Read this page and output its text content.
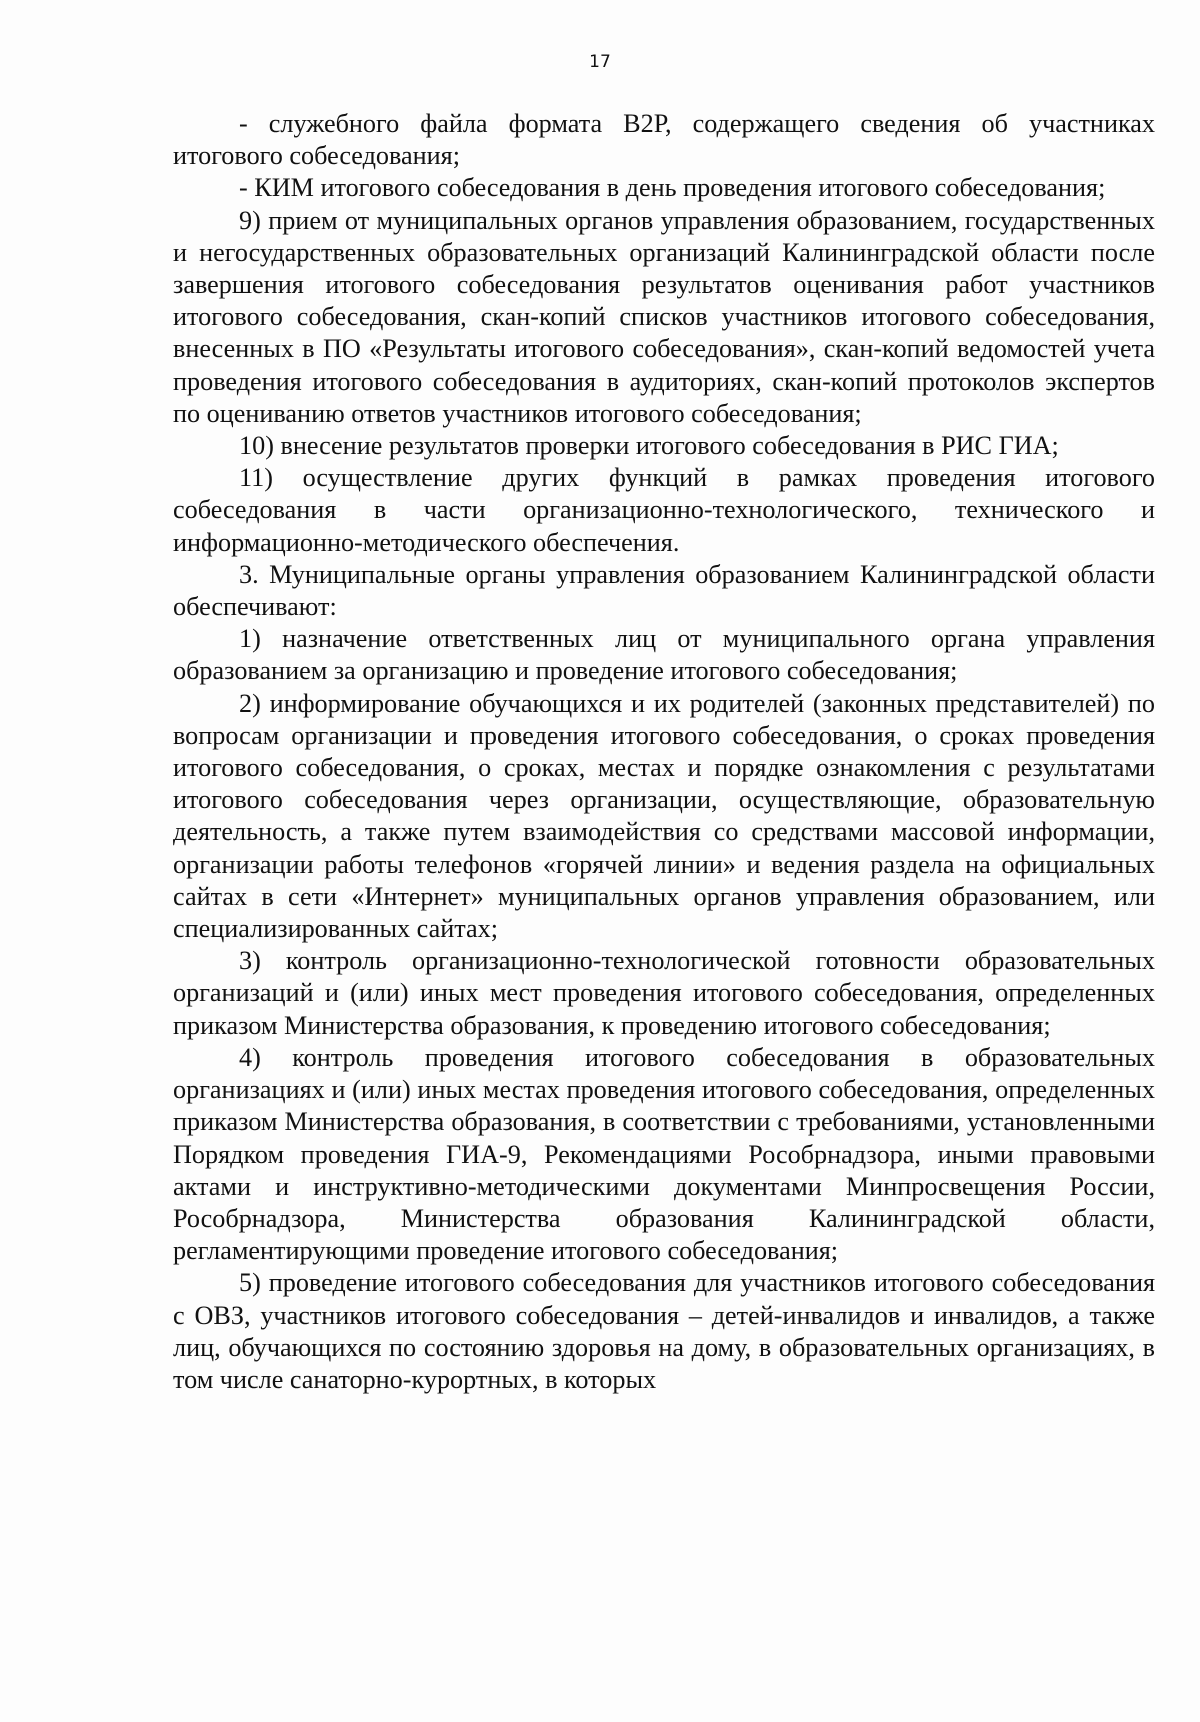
17

- служебного файла формата В2Р, содержащего сведения об участниках итогового собеседования;

- КИМ итогового собеседования в день проведения итогового собеседования;

9) прием от муниципальных органов управления образованием, государственных и негосударственных образовательных организаций Калининградской области после завершения итогового собеседования результатов оценивания работ участников итогового собеседования, скан-копий списков участников итогового собеседования, внесенных в ПО «Результаты итогового собеседования», скан-копий ведомостей учета проведения итогового собеседования в аудиториях, скан-копий протоколов экспертов по оцениванию ответов участников итогового собеседования;

10) внесение результатов проверки итогового собеседования в РИС ГИА;

11) осуществление других функций в рамках проведения итогового собеседования в части организационно-технологического, технического и информационно-методического обеспечения.

3. Муниципальные органы управления образованием Калининградской области обеспечивают:

1) назначение ответственных лиц от муниципального органа управления образованием за организацию и проведение итогового собеседования;

2) информирование обучающихся и их родителей (законных представителей) по вопросам организации и проведения итогового собеседования, о сроках проведения итогового собеседования, о сроках, местах и порядке ознакомления с результатами итогового собеседования через организации, осуществляющие, образовательную деятельность, а также путем взаимодействия со средствами массовой информации, организации работы телефонов «горячей линии» и ведения раздела на официальных сайтах в сети «Интернет» муниципальных органов управления образованием, или специализированных сайтах;

3) контроль организационно-технологической готовности образовательных организаций и (или) иных мест проведения итогового собеседования, определенных приказом Министерства образования, к проведению итогового собеседования;

4) контроль проведения итогового собеседования в образовательных организациях и (или) иных местах проведения итогового собеседования, определенных приказом Министерства образования, в соответствии с требованиями, установленными Порядком проведения ГИА-9, Рекомендациями Рособрнадзора, иными правовыми актами и инструктивно-методическими документами Минпросвещения России, Рособрнадзора, Министерства образования Калининградской области, регламентирующими проведение итогового собеседования;

5) проведение итогового собеседования для участников итогового собеседования с ОВЗ, участников итогового собеседования – детей-инвалидов и инвалидов, а также лиц, обучающихся по состоянию здоровья на дому, в образовательных организациях, в том числе санаторно-курортных, в которых
